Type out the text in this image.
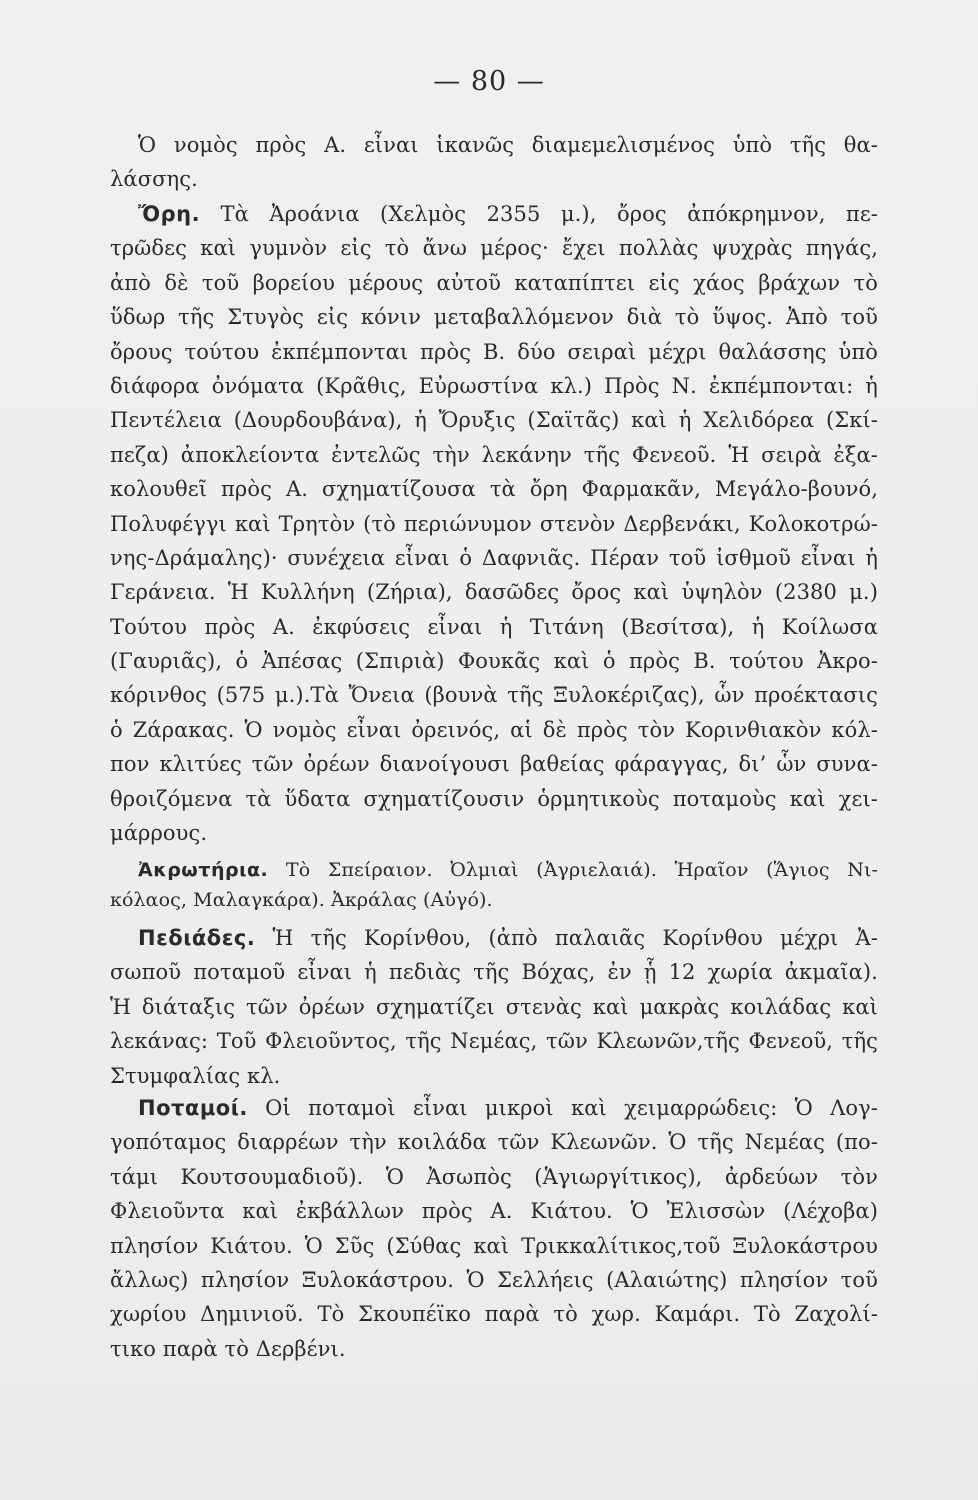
— 80 —
Ὁ νομὸς πρὸς Α. εἶναι ἱκανῶς διαμεμελισμένος ὑπὸ τῆς θα-
λάσσης.
Ὄρη. Τὰ Ἀροάνια (Χελμὸς 2355 μ.), ὄρος ἀπόκρημνον, πε-
τρῶδες καὶ γυμνὸν εἰς τὸ ἄνω μέρος· ἔχει πολλὰς ψυχρὰς πηγάς,
ἀπὸ δὲ τοῦ βορείου μέρους αὐτοῦ καταπίπτει εἰς χάος βράχων τὸ
ὕδωρ τῆς Στυγὸς εἰς κόνιν μεταβαλλόμενον διὰ τὸ ὕψος. Ἀπὸ τοῦ
ὄρους τούτου ἐκπέμπονται πρὸς Β. δύο σειραὶ μέχρι θαλάσσης ὑπὸ
διάφορα ὀνόματα (Κρᾶθις, Εὐρωστίνα κλ.) Πρὸς Ν. ἐκπέμπονται: ἡ
Πεντέλεια (Δουρδουβάνα), ἡ Ὄρυξις (Σαϊτᾶς) καὶ ἡ Χελιδόρεα (Σκί-
πεζα) ἀποκλείοντα ἐντελῶς τὴν λεκάνην τῆς Φενεοῦ. Ἡ σειρὰ ἐξα-
κολουθεῖ πρὸς Α. σχηματίζουσα τὰ ὄρη Φαρμακᾶν, Μεγάλο-βουνό,
Πολυφέγγι καὶ Τρητὸν (τὸ περιώνυμον στενὸν Δερβενάκι, Κολοκοτρώ-
νης-Δράμαλης)· συνέχεια εἶναι ὁ Δαφνιᾶς. Πέραν τοῦ ἰσθμοῦ εἶναι ἡ
Γεράνεια. Ἡ Κυλλήνη (Ζήρια), δασῶδες ὄρος καὶ ὑψηλὸν (2380 μ.)
Τούτου πρὸς Α. ἐκφύσεις εἶναι ἡ Τιτάνη (Βεσίτσα), ἡ Κοίλωσα
(Γαυριᾶς), ὁ Ἀπέσας (Σπιριὰ) Φουκᾶς καὶ ὁ πρὸς Β. τούτου Ἀκρο-
κόρινθος (575 μ.).Τὰ Ὄνεια (βουνὰ τῆς Ξυλοκέριζας), ὧν προέκτασις
ὁ Ζάρακας. Ὁ νομὸς εἶναι ὀρεινός, αἱ δὲ πρὸς τὸν Κορινθιακὸν κόλ-
πον κλιτύες τῶν ὀρέων διανοίγουσι βαθείας φάραγγας, δι’ ὧν συνα-
θροιζόμενα τὰ ὕδατα σχηματίζουσιν ὁρμητικοὺς ποταμοὺς καὶ χει-
μάρρους.
Ἀκρωτήρια. Τὸ Σπείραιον. Ὀλμιαὶ (Ἀγριελαιά). Ἡραῖον (Ἅγιος Νι-
κόλαος, Μαλαγκάρα). Ἀκράλας (Αὐγό).
Πεδιάδες. Ἡ τῆς Κορίνθου, (ἀπὸ παλαιᾶς Κορίνθου μέχρι Ἀ-
σωποῦ ποταμοῦ εἶναι ἡ πεδιὰς τῆς Βόχας, ἐν ᾗ 12 χωρία ἀκμαῖα).
Ἡ διάταξις τῶν ὀρέων σχηματίζει στενὰς καὶ μακρὰς κοιλάδας καὶ
λεκάνας: Τοῦ Φλειοῦντος, τῆς Νεμέας, τῶν Κλεωνῶν,τῆς Φενεοῦ, τῆς
Στυμφαλίας κλ.
Ποταμοί. Οἱ ποταμοὶ εἶναι μικροὶ καὶ χειμαρρώδεις: Ὁ Λογ-
γοπόταμος διαρρέων τὴν κοιλάδα τῶν Κλεωνῶν. Ὁ τῆς Νεμέας (πο-
τάμι Κουτσουμαδιοῦ). Ὁ Ἀσωπὸς (Ἁγιωργίτικος), ἀρδεύων τὸν
Φλειοῦντα καὶ ἐκβάλλων πρὸς Α. Κιάτου. Ὁ Ἐλισσὼν (Λέχοβα)
πλησίον Κιάτου. Ὁ Σῦς (Σύθας καὶ Τρικκαλίτικος,τοῦ Ξυλοκάστρου
ἄλλως) πλησίον Ξυλοκάστρου. Ὁ Σελλήεις (Αλαιώτης) πλησίον τοῦ
χωρίου Δημινιοῦ. Τὸ Σκουπέϊκο παρὰ τὸ χωρ. Καμάρι. Τὸ Ζαχολί-
τικο παρὰ τὸ Δερβένι.
